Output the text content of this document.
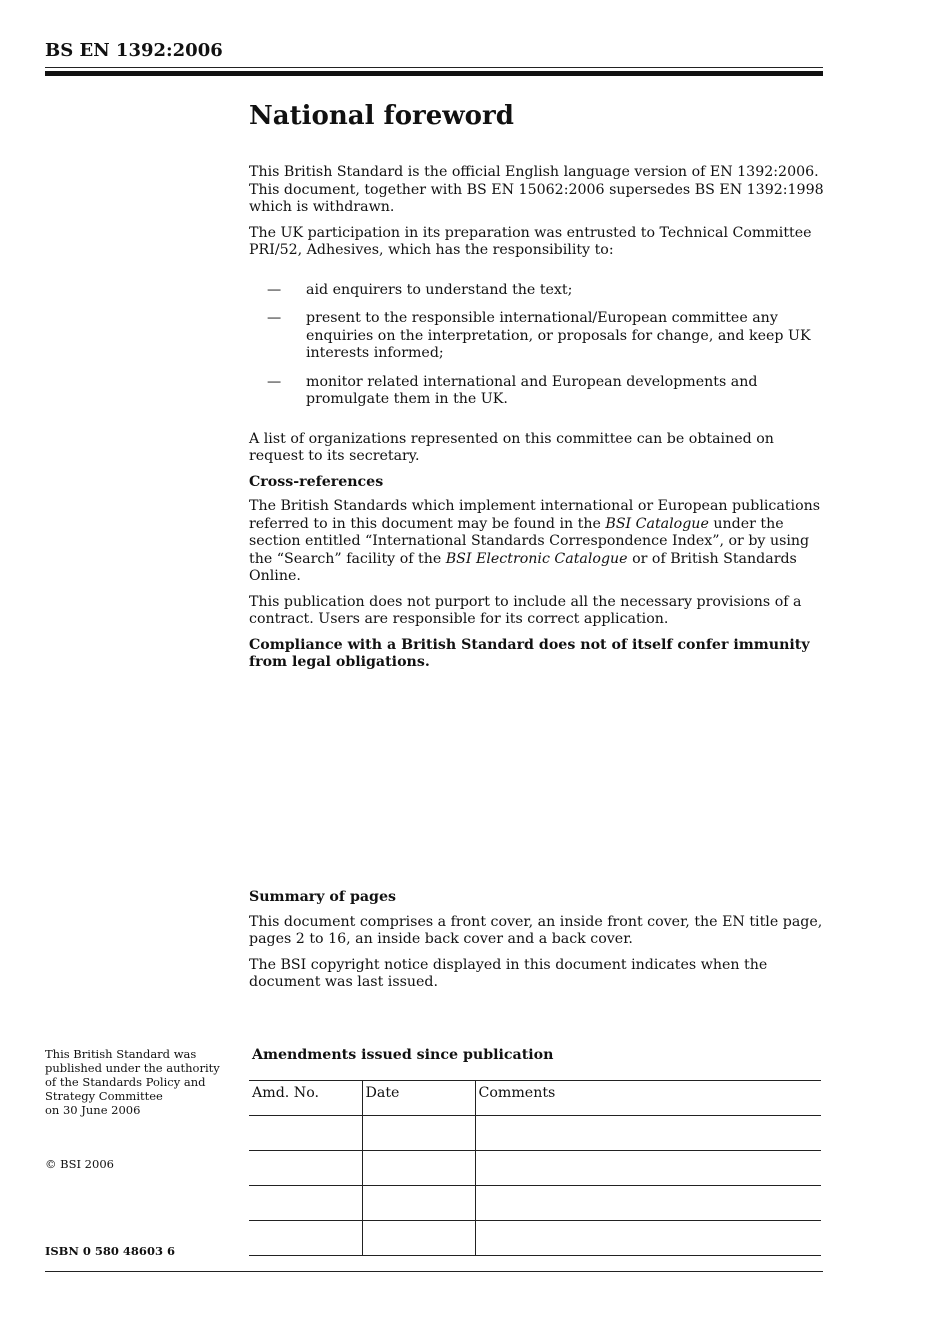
BS EN 1392:2006
National foreword

This British Standard is the official English language version of EN 1392:2006. This document, together with BS EN 15062:2006 supersedes BS EN 1392:1998 which is withdrawn.

The UK participation in its preparation was entrusted to Technical Committee PRI/52, Adhesives, which has the responsibility to:

— aid enquirers to understand the text;
— present to the responsible international/European committee any enquiries on the interpretation, or proposals for change, and keep UK interests informed;
— monitor related international and European developments and promulgate them in the UK.

A list of organizations represented on this committee can be obtained on request to its secretary.

Cross-references

The British Standards which implement international or European publications referred to in this document may be found in the BSI Catalogue under the section entitled “International Standards Correspondence Index”, or by using the “Search” facility of the BSI Electronic Catalogue or of British Standards Online.

This publication does not purport to include all the necessary provisions of a contract. Users are responsible for its correct application.

Compliance with a British Standard does not of itself confer immunity from legal obligations.

Summary of pages

This document comprises a front cover, an inside front cover, the EN title page, pages 2 to 16, an inside back cover and a back cover.

The BSI copyright notice displayed in this document indicates when the document was last issued.

This British Standard was

published under the authority

of the Standards Policy and

Strategy Committee

on 30 June 2006

© BSI 2006
ISBN 0 580 48603 6
Amendments issued since publication
Amd. No.	Date	Comments
